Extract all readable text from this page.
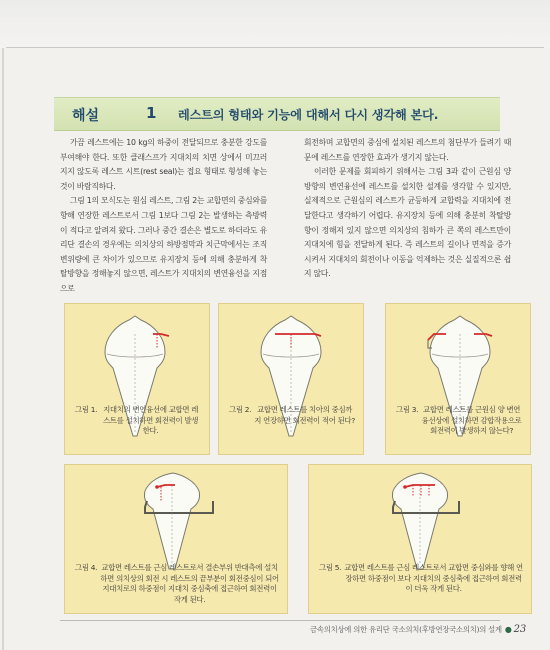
해설	1 레스트의 형태와 기능에 대해서 다시 생각해 본다.

가끔 레스트에는 10 kg의 하중이 전달되므로 충분한 강도를 부여해야 한다. 또한 클래스프가 지대치의 치면 상에서 미끄러지지 않도록 레스트 시트(rest seal)는 접요 형태로 형성해 놓는 것이 바람직하다.

그림 1의 모식도는 원심 레스트, 그림 2는 교합면의 중심와를 향해 연장한 레스트로서 그림 1보다 그림 2는 발생하는 측방력이 적다고 알려져 왔다. 그러나 중간 결손은 별도로 하더라도 유리단 결손의 경우에는 의치상의 하방점막과 치근막에서는 조직변위량에 큰 차이가 있으므로 유지장치 등에 의해 충분하게 착탈방향을 정해놓지 않으면, 레스트가 지대치의 변연융선을 지점으로

회전하며 교합면의 중심에 설치된 레스트의 첨단부가 들려기 때문에 레스트를 연장한 효과가 생기지 않는다.

이러한 문제를 회피하기 위해서는 그림 3과 같이 근원심 양방향의 변연융선에 레스트를 설치한 설계를 생각할 수 있지만, 실제적으로 근원심의 레스트가 균등하게 교합력을 지대치에 전달한다고 생각하기 어렵다. 유지장치 등에 의해 충분히 착탈방향이 정해져 있지 않으면 의치상의 침하가 큰 쪽의 레스트만이 지대치에 힘을 전달하게 된다. 즉 레스트의 길이나 면적을 증가시켜서 지대치의 회전이나 이동을 억제하는 것은 실질적으론 쉽지 않다.

그림 1. 지대치의 변연융선에 교합면 레스트를 설치하면 회전력이 발생한다.
그림 2. 교합면 레스트를 치아의 중심까지 연장하면 회전력이 적어 된다?
그림 3. 교합면 레스트를 근원심 양 변연융선상에 설치하면 감합작용으로 회전력이 발생하지 않는다?
그림 4. 교합면 레스트를 근심 레스트로서 결손부위 반대측에 설치하면 의치상의 회전 시 레스트의 끝부분이 회전중심이 되어 지대치로의 하중점이 지대치 중심축에 접근하여 회전력이 작게 된다.
그림 5. 교합면 레스트를 근심 레스트로서 교합면 중심와를 향해 연장하면 하중점이 보다 지대치의 중심축에 접근하여 회전력이 더욱 작게 된다.
금속의치상에 의한 유리단 국소의치(후방연장국소의치)의 설계 ● 23
